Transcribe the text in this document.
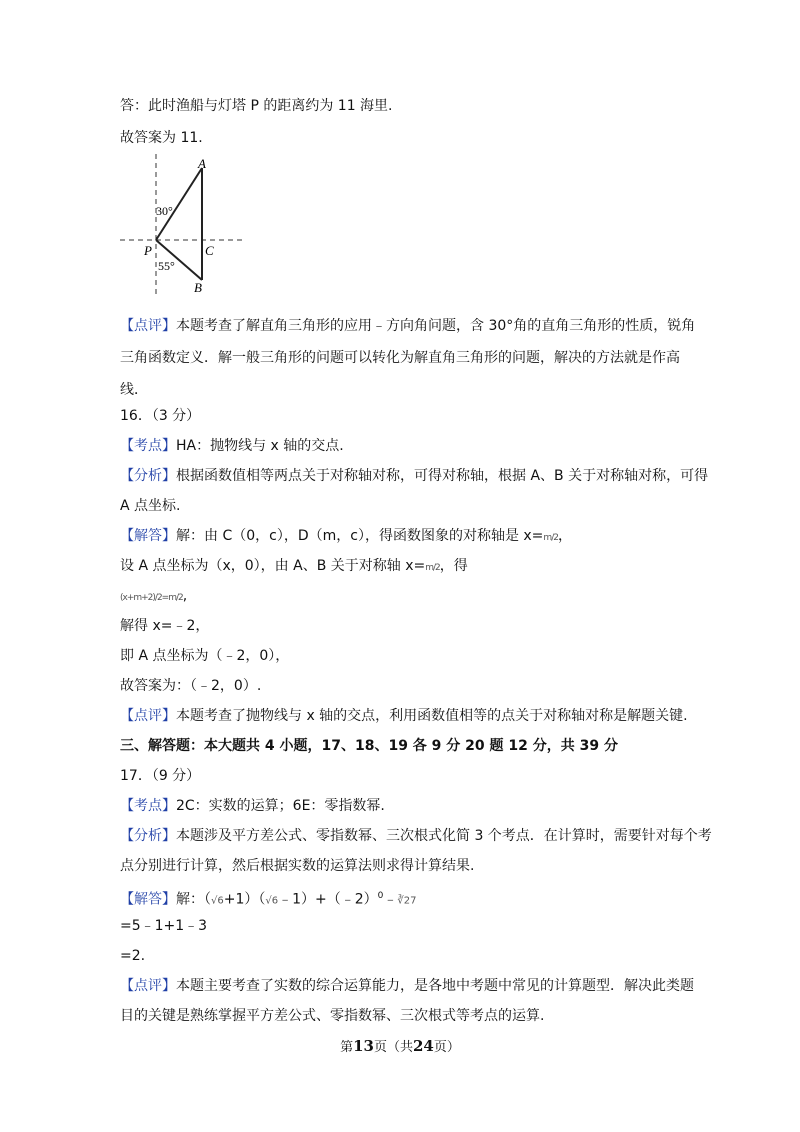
答：此时渔船与灯塔 P 的距离约为 11 海里.
故答案为 11.
A
B
C
P
30°
55°
【点评】本题考查了解直角三角形的应用﹣方向角问题，含 30°角的直角三角形的性质，锐角
三角函数定义．解一般三角形的问题可以转化为解直角三角形的问题，解决的方法就是作高
线．
16．（3 分）
【考点】HA：抛物线与 x 轴的交点.
【分析】根据函数值相等两点关于对称轴对称，可得对称轴，根据 A、B 关于对称轴对称，可得
A 点坐标.
【解答】解：由 C（0，c），D（m，c），得函数图象的对称轴是 x=m/2，
设 A 点坐标为（x，0），由 A、B 关于对称轴 x=m/2，得
(x+m+2)/2=m/2,
解得 x=﹣2，
即 A 点坐标为（﹣2，0），
故答案为：（﹣2，0）.
【点评】本题考查了抛物线与 x 轴的交点，利用函数值相等的点关于对称轴对称是解题关键.
三、解答题：本大题共 4 小题，17、18、19 各 9 分 20 题 12 分，共 39 分
17．（9 分）
【考点】2C：实数的运算；6E：零指数幂.
【分析】本题涉及平方差公式、零指数幂、三次根式化简 3 个考点．在计算时，需要针对每个考
点分别进行计算，然后根据实数的运算法则求得计算结果.
【解答】解：（√6+1）（√6﹣1）+（﹣2）$^0$﹣∛27
=5﹣1+1﹣3
=2.
【点评】本题主要考查了实数的综合运算能力，是各地中考题中常见的计算题型．解决此类题
目的关键是熟练掌握平方差公式、零指数幂、三次根式等考点的运算.
第13页（共24页）
